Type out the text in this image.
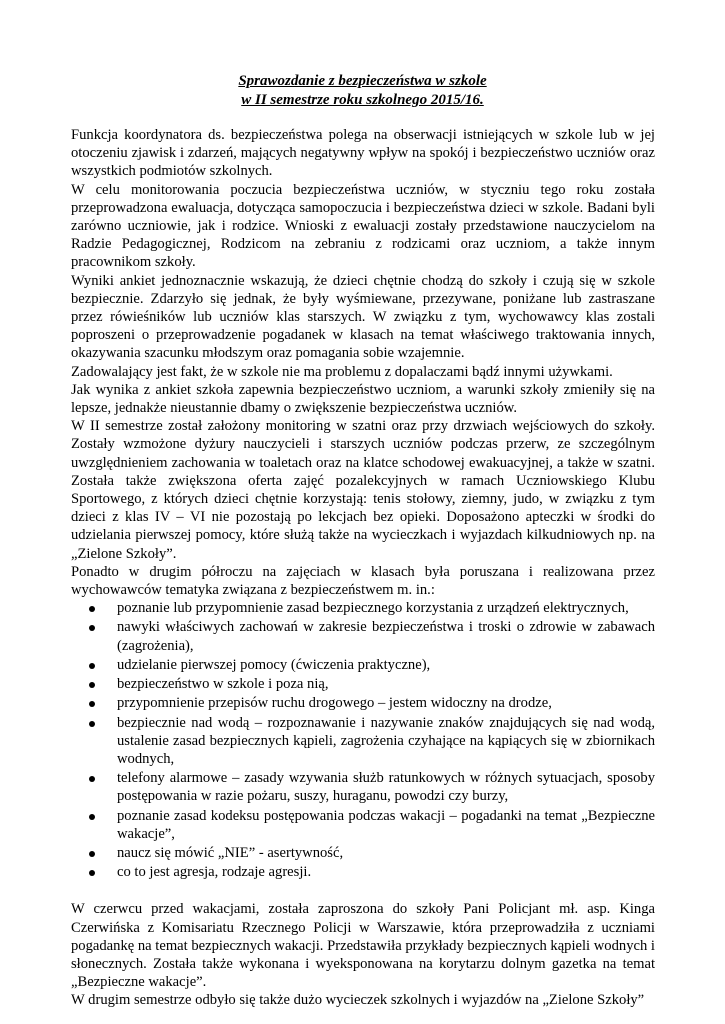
Sprawozdanie z bezpieczeństwa w szkole
w II semestrze roku szkolnego 2015/16.

Funkcja koordynatora ds. bezpieczeństwa polega na obserwacji istniejących w szkole lub w jej otoczeniu zjawisk i zdarzeń, mających negatywny wpływ na spokój i bezpieczeństwo uczniów oraz wszystkich podmiotów szkolnych.

W celu monitorowania poczucia bezpieczeństwa uczniów, w styczniu tego roku została przeprowadzona ewaluacja, dotycząca samopoczucia i bezpieczeństwa dzieci w szkole. Badani byli zarówno uczniowie, jak i rodzice. Wnioski z ewaluacji zostały przedstawione nauczycielom na Radzie Pedagogicznej, Rodzicom na zebraniu z rodzicami oraz uczniom, a także innym pracownikom szkoły.

Wyniki ankiet jednoznacznie wskazują, że dzieci chętnie chodzą do szkoły i czują się w szkole bezpiecznie. Zdarzyło się jednak, że były wyśmiewane, przezywane, poniżane lub zastraszane przez rówieśników lub uczniów klas starszych. W związku z tym, wychowawcy klas zostali poproszeni o przeprowadzenie pogadanek w klasach na temat właściwego traktowania innych, okazywania szacunku młodszym oraz pomagania sobie wzajemnie.

Zadowalający jest fakt, że w szkole nie ma problemu z dopalaczami bądź innymi używkami.

Jak wynika z ankiet szkoła zapewnia bezpieczeństwo uczniom, a warunki szkoły zmieniły się na lepsze, jednakże nieustannie dbamy o zwiększenie bezpieczeństwa uczniów.

W II semestrze został założony monitoring w szatni oraz przy drzwiach wejściowych do szkoły. Zostały wzmożone dyżury nauczycieli i starszych uczniów podczas przerw, ze szczególnym uwzględnieniem zachowania w toaletach oraz na klatce schodowej ewakuacyjnej, a także w szatni. Została także zwiększona oferta zajęć pozalekcyjnych w ramach Uczniowskiego Klubu Sportowego, z których dzieci chętnie korzystają: tenis stołowy, ziemny, judo, w związku z tym dzieci z klas IV – VI nie pozostają po lekcjach bez opieki. Doposażono apteczki w środki do udzielania pierwszej pomocy, które służą także na wycieczkach i wyjazdach kilkudniowych np. na „Zielone Szkoły”.

Ponadto w drugim półroczu na zajęciach w klasach była poruszana i realizowana przez wychowawców tematyka związana z bezpieczeństwem m. in.:

poznanie lub przypomnienie zasad bezpiecznego korzystania z urządzeń elektrycznych,
nawyki właściwych zachowań w zakresie bezpieczeństwa i troski o zdrowie w zabawach (zagrożenia),
udzielanie pierwszej pomocy (ćwiczenia praktyczne),
bezpieczeństwo w szkole i poza nią,
przypomnienie przepisów ruchu drogowego – jestem widoczny na drodze,
bezpiecznie nad wodą – rozpoznawanie i nazywanie znaków znajdujących się nad wodą, ustalenie zasad bezpiecznych kąpieli, zagrożenia czyhające na kąpiących się w zbiornikach wodnych,
telefony alarmowe – zasady wzywania służb ratunkowych w różnych sytuacjach, sposoby postępowania w razie pożaru, suszy, huraganu, powodzi czy burzy,
poznanie zasad kodeksu postępowania podczas wakacji – pogadanki na temat „Bezpieczne wakacje”,
naucz się mówić „NIE” - asertywność,
co to jest agresja, rodzaje agresji.

W czerwcu przed wakacjami, została zaproszona do szkoły Pani Policjant mł. asp. Kinga Czerwińska z Komisariatu Rzecznego Policji w Warszawie, która przeprowadziła z uczniami pogadankę na temat bezpiecznych wakacji. Przedstawiła przykłady bezpiecznych kąpieli wodnych i słonecznych. Została także wykonana i wyeksponowana na korytarzu dolnym gazetka na temat „Bezpieczne wakacje”.

W drugim semestrze odbyło się także dużo wycieczek szkolnych i wyjazdów na „Zielone Szkoły”
